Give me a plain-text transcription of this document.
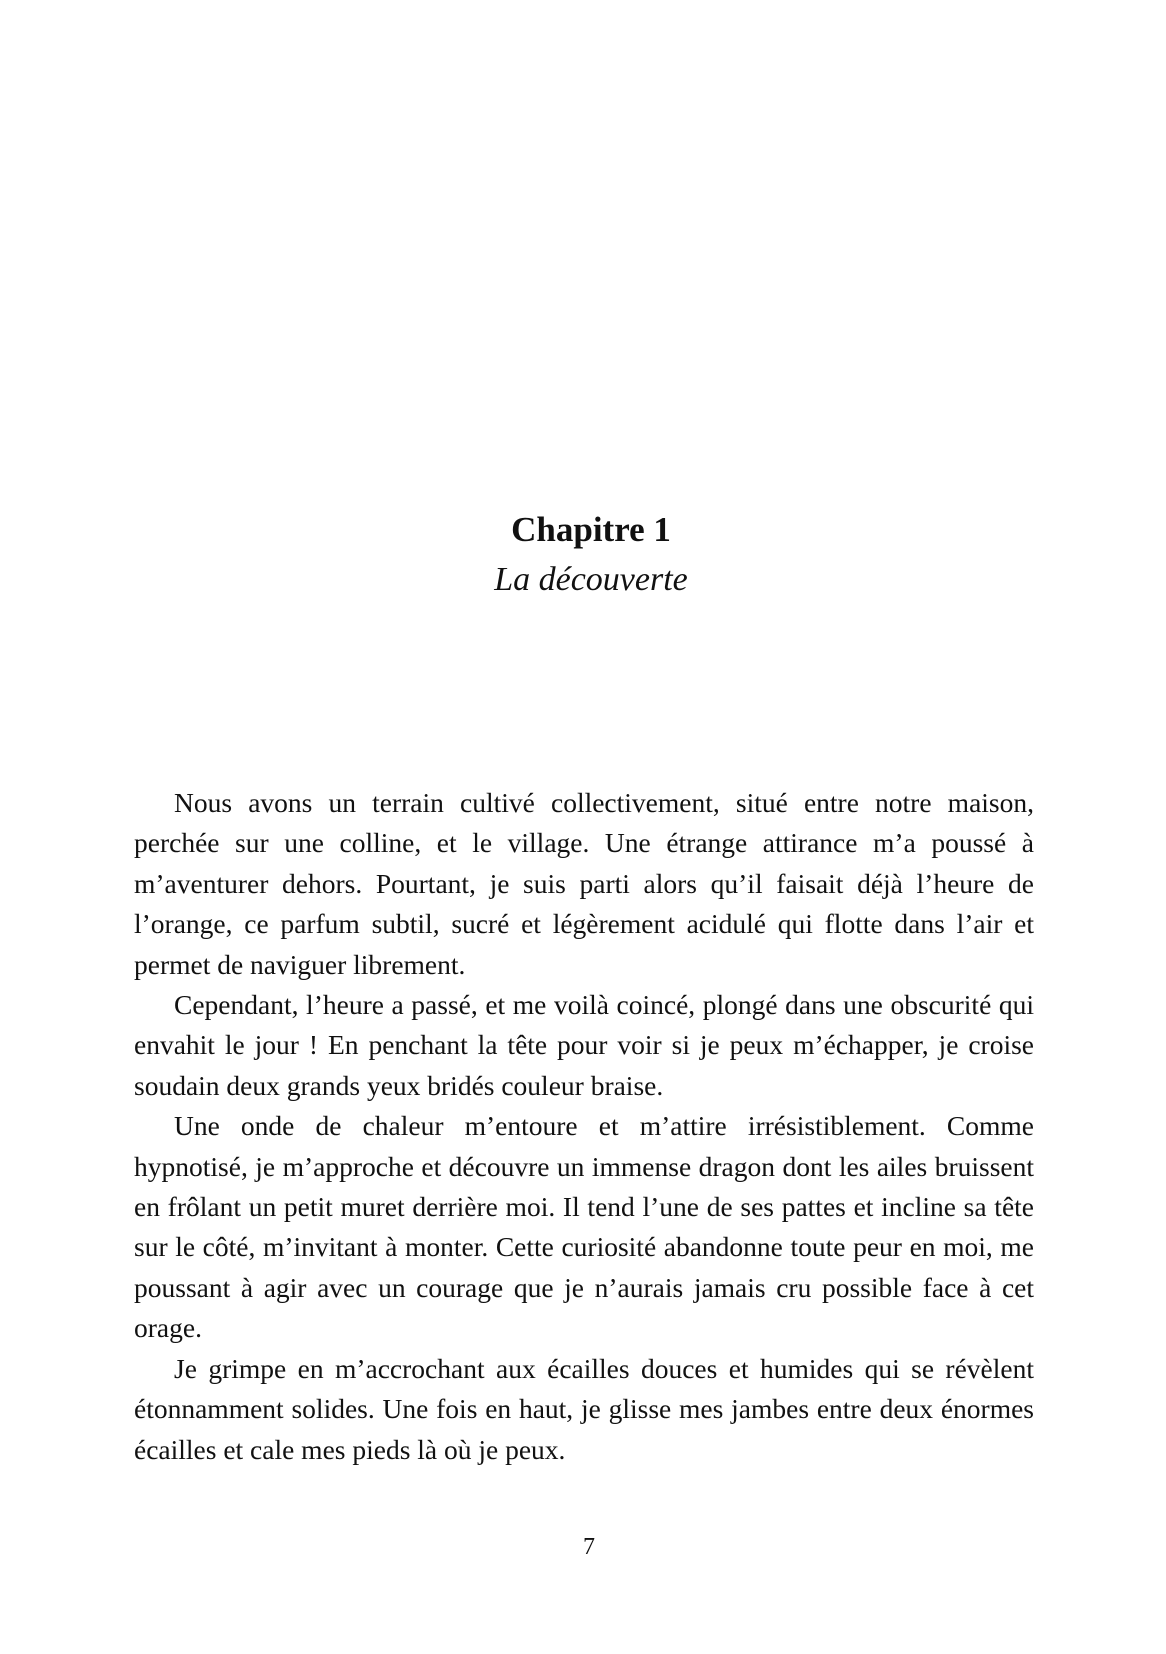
Chapitre 1
La découverte

Nous avons un terrain cultivé collectivement, situé entre notre maison, perchée sur une colline, et le village. Une étrange attirance m’a poussé à m’aventurer dehors. Pourtant, je suis parti alors qu’il faisait déjà l’heure de l’orange, ce parfum subtil, sucré et légèrement acidulé qui flotte dans l’air et permet de naviguer librement.

Cependant, l’heure a passé, et me voilà coincé, plongé dans une obscurité qui envahit le jour ! En penchant la tête pour voir si je peux m’échapper, je croise soudain deux grands yeux bridés couleur braise.

Une onde de chaleur m’entoure et m’attire irrésistiblement. Comme hypnotisé, je m’approche et découvre un immense dragon dont les ailes bruissent en frôlant un petit muret derrière moi. Il tend l’une de ses pattes et incline sa tête sur le côté, m’invitant à monter. Cette curiosité abandonne toute peur en moi, me poussant à agir avec un courage que je n’aurais jamais cru possible face à cet orage.

Je grimpe en m’accrochant aux écailles douces et humides qui se révèlent étonnamment solides. Une fois en haut, je glisse mes jambes entre deux énormes écailles et cale mes pieds là où je peux.

7
